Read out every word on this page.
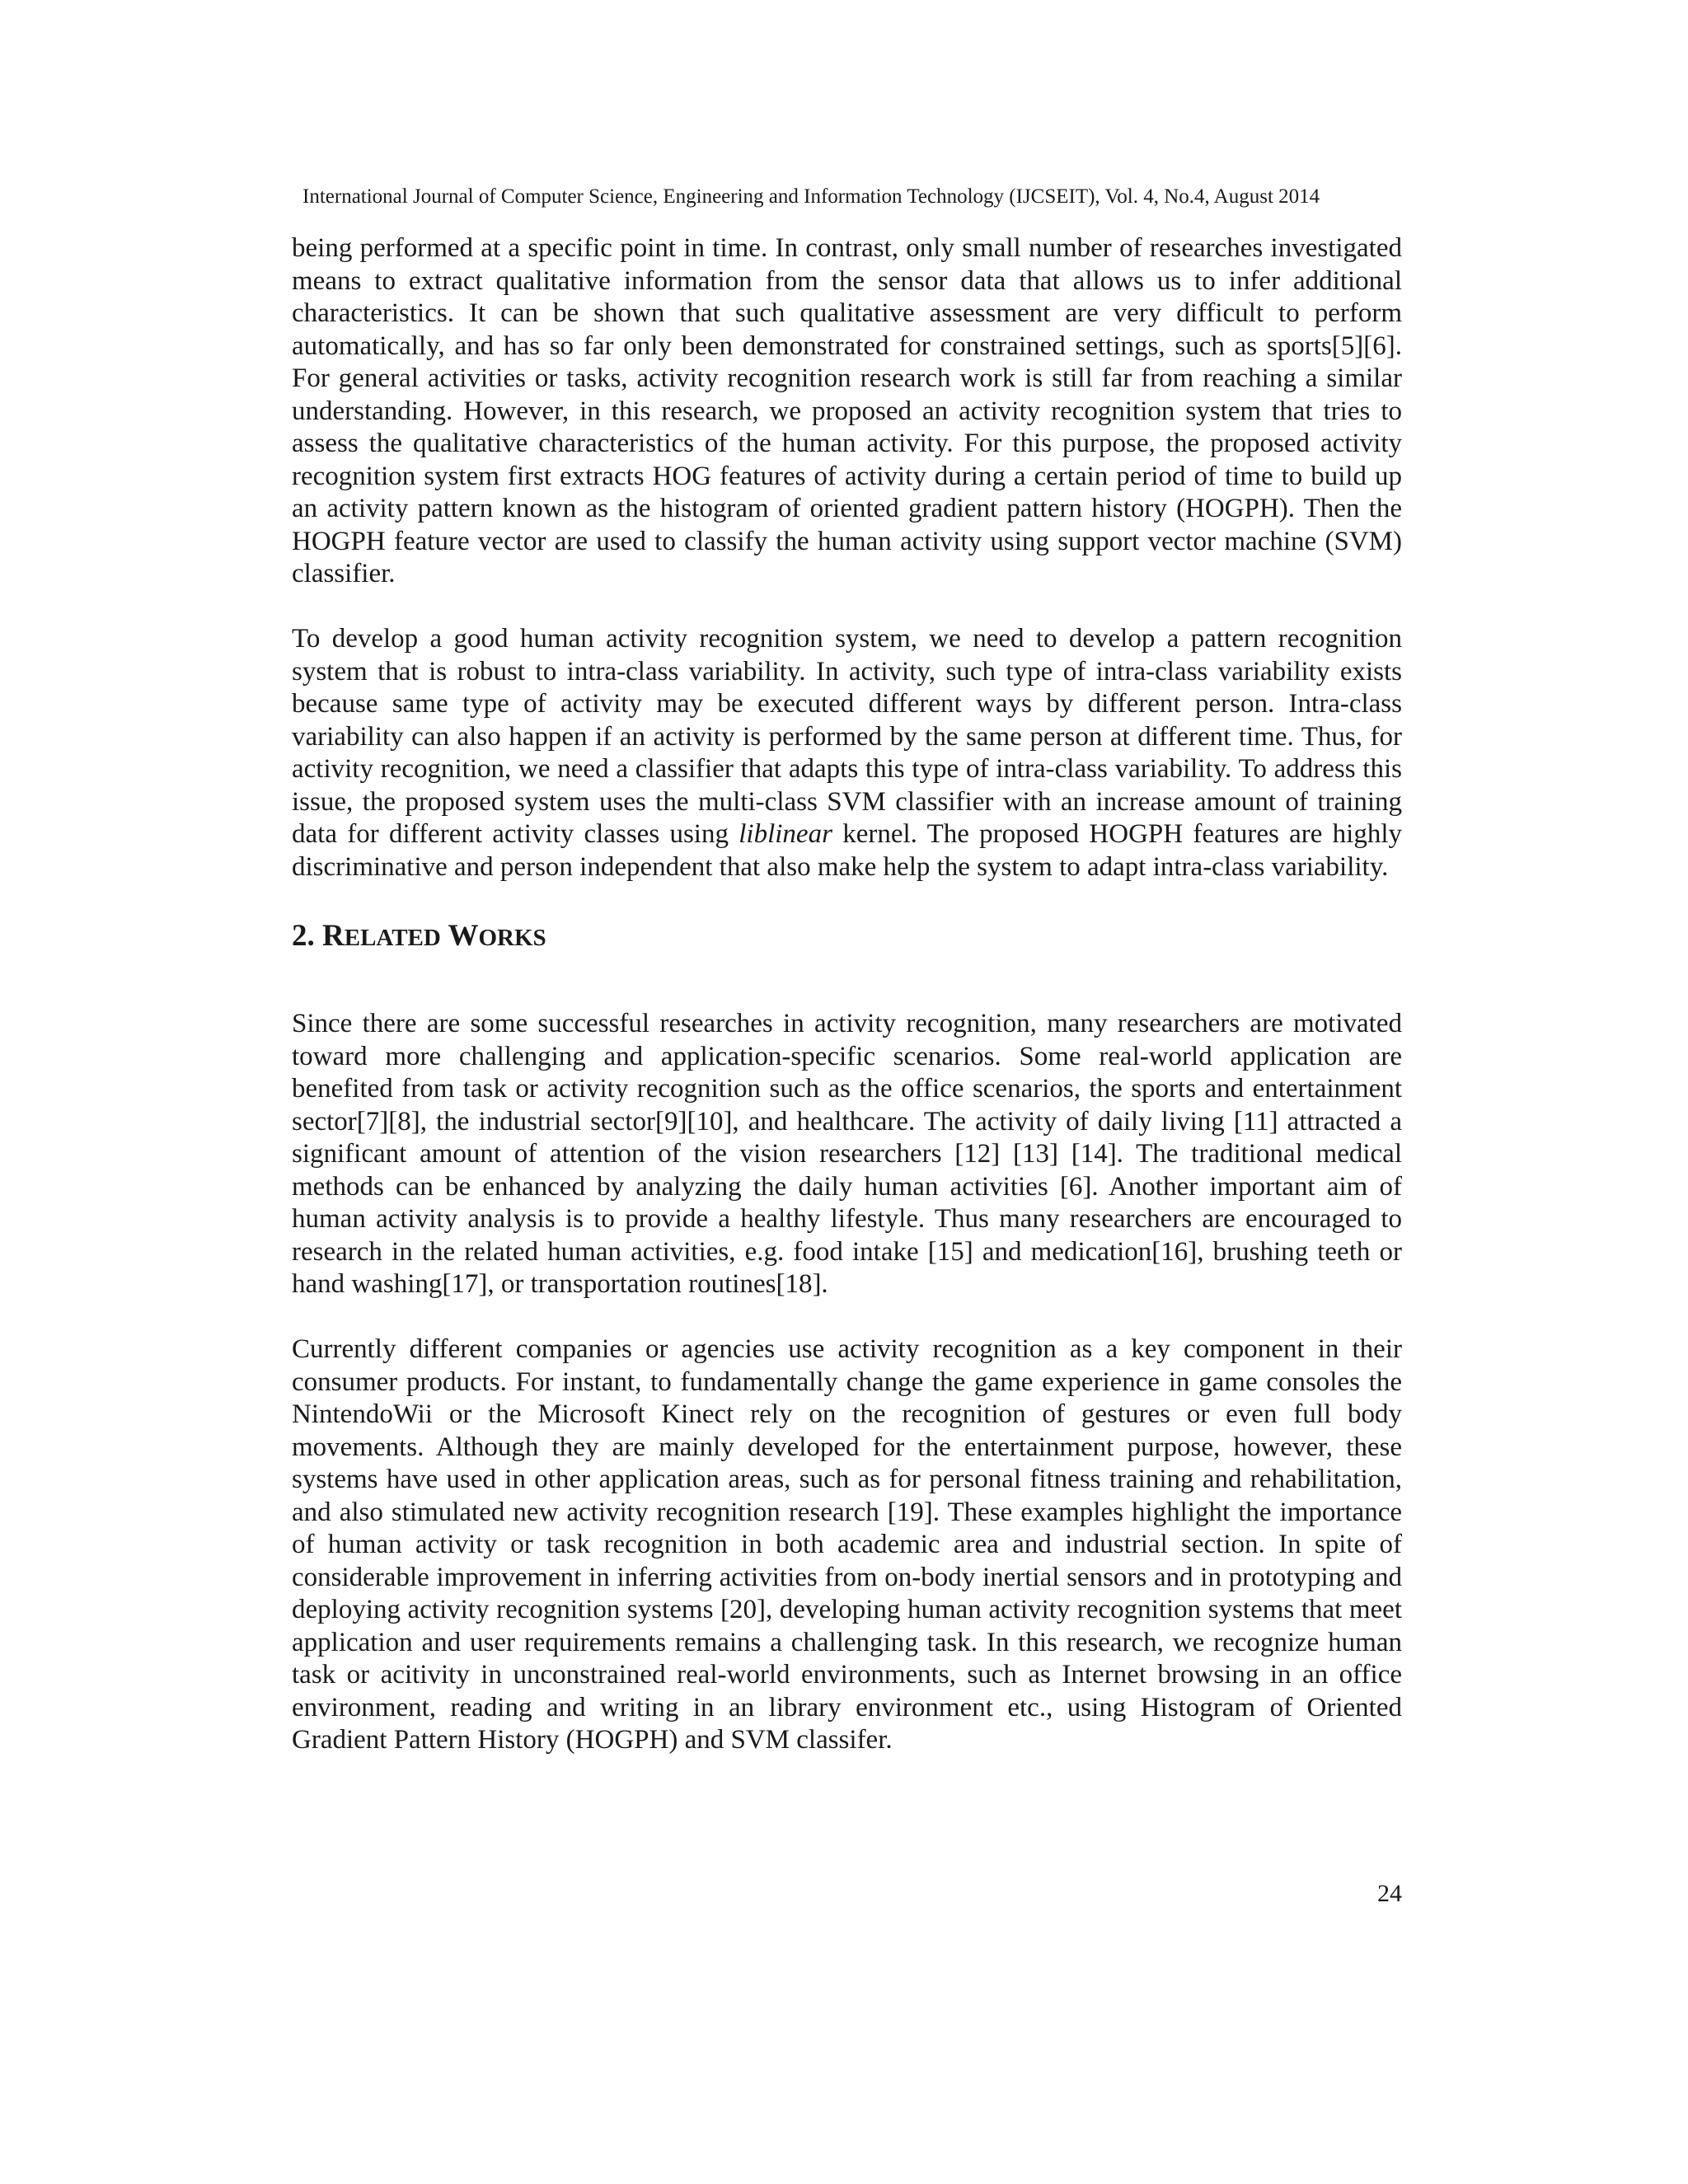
International Journal of Computer Science, Engineering and Information Technology (IJCSEIT), Vol. 4, No.4, August 2014

being performed at a specific point in time. In contrast, only small number of researches investigated means to extract qualitative information from the sensor data that allows us to infer additional characteristics. It can be shown that such qualitative assessment are very difficult to perform automatically, and has so far only been demonstrated for constrained settings, such as sports[5][6]. For general activities or tasks, activity recognition research work is still far from reaching a similar understanding. However, in this research, we proposed an activity recognition system that tries to assess the qualitative characteristics of the human activity. For this purpose, the proposed activity recognition system first extracts HOG features of activity during a certain period of time to build up an activity pattern known as the histogram of oriented gradient pattern history (HOGPH). Then the HOGPH feature vector are used to classify the human activity using support vector machine (SVM) classifier.

To develop a good human activity recognition system, we need to develop a pattern recognition system that is robust to intra-class variability. In activity, such type of intra-class variability exists because same type of activity may be executed different ways by different person. Intra-class variability can also happen if an activity is performed by the same person at different time. Thus, for activity recognition, we need a classifier that adapts this type of intra-class variability. To address this issue, the proposed system uses the multi-class SVM classifier with an increase amount of training data for different activity classes using liblinear kernel. The proposed HOGPH features are highly discriminative and person independent that also make help the system to adapt intra-class variability.

2. RELATED WORKS

Since there are some successful researches in activity recognition, many researchers are motivated toward more challenging and application-specific scenarios. Some real-world application are benefited from task or activity recognition such as the office scenarios, the sports and entertainment sector[7][8], the industrial sector[9][10], and healthcare. The activity of daily living [11] attracted a significant amount of attention of the vision researchers [12] [13] [14]. The traditional medical methods can be enhanced by analyzing the daily human activities [6]. Another important aim of human activity analysis is to provide a healthy lifestyle. Thus many researchers are encouraged to research in the related human activities, e.g. food intake [15] and medication[16], brushing teeth or hand washing[17], or transportation routines[18].

Currently different companies or agencies use activity recognition as a key component in their consumer products. For instant, to fundamentally change the game experience in game consoles the NintendoWii or the Microsoft Kinect rely on the recognition of gestures or even full body movements. Although they are mainly developed for the entertainment purpose, however, these systems have used in other application areas, such as for personal fitness training and rehabilitation, and also stimulated new activity recognition research [19]. These examples highlight the importance of human activity or task recognition in both academic area and industrial section. In spite of considerable improvement in inferring activities from on-body inertial sensors and in prototyping and deploying activity recognition systems [20], developing human activity recognition systems that meet application and user requirements remains a challenging task. In this research, we recognize human task or acitivity in unconstrained real-world environments, such as Internet browsing in an office environment, reading and writing in an library environment etc., using Histogram of Oriented Gradient Pattern History (HOGPH) and SVM classifer.

24
